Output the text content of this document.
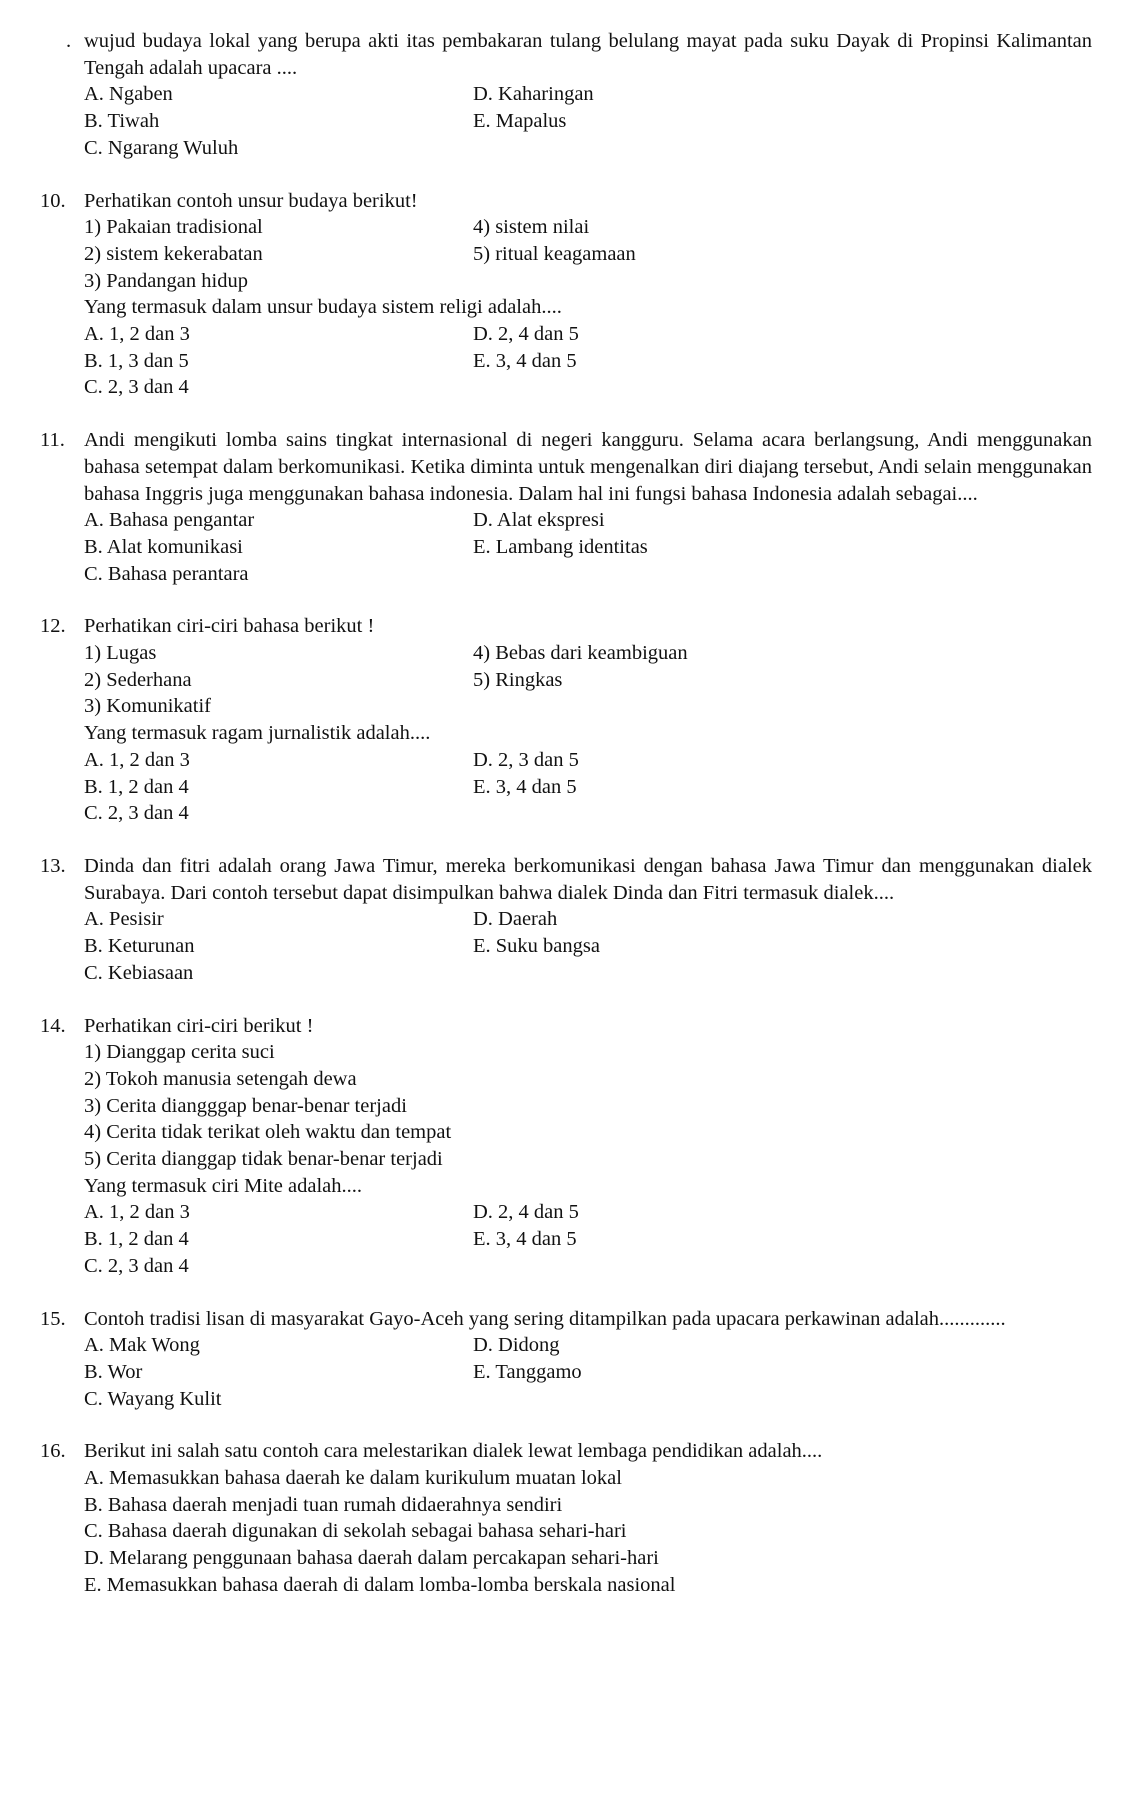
. wujud budaya lokal yang berupa akti itas pembakaran tulang belulang mayat pada suku Dayak di Propinsi Kalimantan Tengah adalah upacara ....
A. Ngaben	D. Kaharingan
B. Tiwah	E. Mapalus
C. Ngarang Wuluh
10. Perhatikan contoh unsur budaya berikut!
1) Pakaian tradisional	4) sistem nilai
2) sistem kekerabatan	5) ritual keagamaan
3) Pandangan hidup
Yang termasuk dalam unsur budaya sistem religi adalah....
A. 1, 2 dan 3	D. 2, 4 dan 5
B. 1, 3 dan 5	E. 3, 4 dan 5
C. 2, 3 dan 4
11. Andi mengikuti lomba sains tingkat internasional di negeri kangguru. Selama acara berlangsung, Andi menggunakan bahasa setempat dalam berkomunikasi. Ketika diminta untuk mengenalkan diri diajang tersebut, Andi selain menggunakan bahasa Inggris juga menggunakan bahasa indonesia. Dalam hal ini fungsi bahasa Indonesia adalah sebagai....
A. Bahasa pengantar	D. Alat ekspresi
B. Alat komunikasi	E. Lambang identitas
C. Bahasa perantara
12. Perhatikan ciri-ciri bahasa berikut !
1) Lugas	4) Bebas dari keambiguan
2) Sederhana	5) Ringkas
3) Komunikatif
Yang termasuk ragam jurnalistik adalah....
A. 1, 2 dan 3	D. 2, 3 dan 5
B. 1, 2 dan 4	E. 3, 4 dan 5
C. 2, 3 dan 4
13. Dinda dan fitri adalah orang Jawa Timur, mereka berkomunikasi dengan bahasa Jawa Timur dan menggunakan dialek Surabaya. Dari contoh tersebut dapat disimpulkan bahwa dialek Dinda dan Fitri termasuk dialek....
A. Pesisir	D. Daerah
B. Keturunan	E. Suku bangsa
C. Kebiasaan
14. Perhatikan ciri-ciri berikut !
1) Dianggap cerita suci
2) Tokoh manusia setengah dewa
3) Cerita diangggap benar-benar terjadi
4) Cerita tidak terikat oleh waktu dan tempat
5) Cerita dianggap tidak benar-benar terjadi
Yang termasuk ciri Mite adalah....
A. 1, 2 dan 3	D. 2, 4 dan 5
B. 1, 2 dan 4	E. 3, 4 dan 5
C. 2, 3 dan 4
15. Contoh tradisi lisan di masyarakat Gayo-Aceh yang sering ditampilkan pada upacara perkawinan adalah.............
A. Mak Wong	D. Didong
B. Wor	E. Tanggamo
C. Wayang Kulit
16. Berikut ini salah satu contoh cara melestarikan dialek lewat lembaga pendidikan adalah....
A. Memasukkan bahasa daerah ke dalam kurikulum muatan lokal
B. Bahasa daerah menjadi tuan rumah didaerahnya sendiri
C. Bahasa daerah digunakan di sekolah sebagai bahasa sehari-hari
D. Melarang penggunaan bahasa daerah dalam percakapan sehari-hari
E. Memasukkan bahasa daerah di dalam lomba-lomba berskala nasional
